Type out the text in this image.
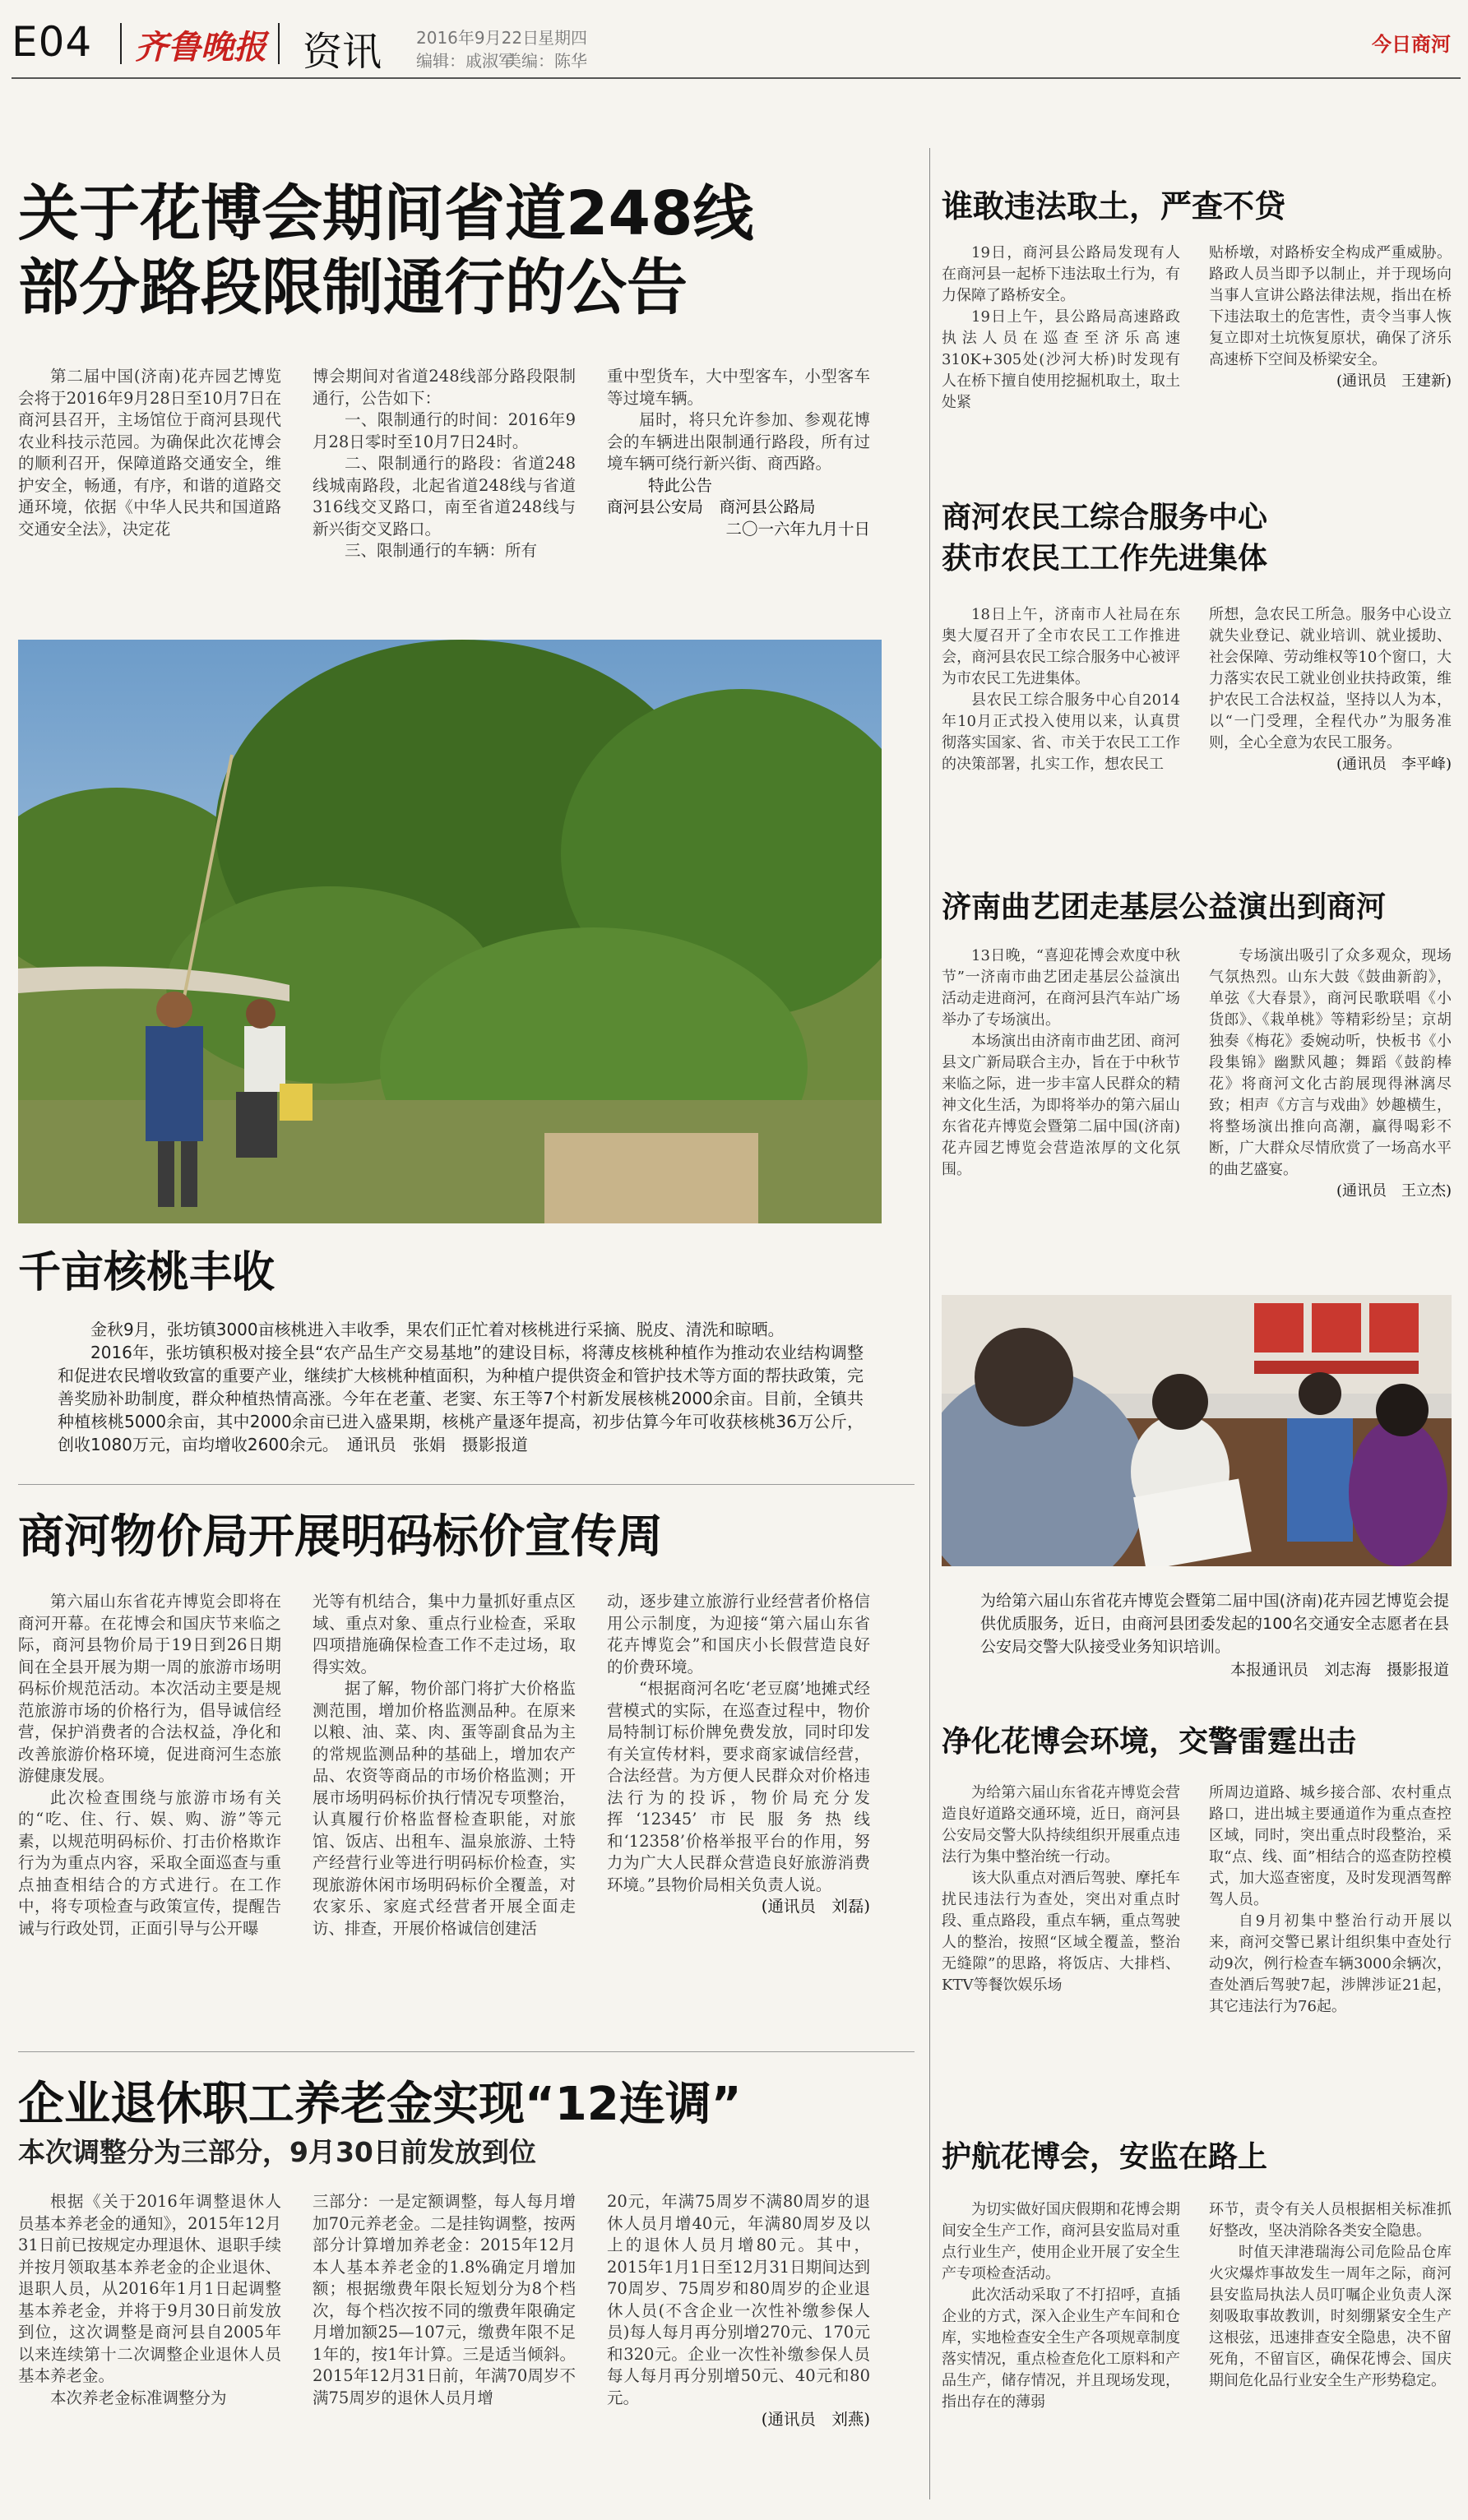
E04 齐鲁晚报 资讯 2016年9月22日
星期四
编辑：戚淑军
美编：陈华
今日商河
关于花博会期间省道248线
部分路段限制通行的公告
第二届中国(济南)花卉园艺博览会将于2016年9月28日至10月7日在商河县召开，主场馆位于商河县现代农业科技示范园。为确保此次花博会的顺利召开，保障道路交通安全，维护安全，畅通，有序，和谐的道路交通环境，依据《中华人民共和国道路交通安全法》，决定花

博会期间对省道248线部分路段限制通行，公告如下：

一、限制通行的时间：2016年9月28日零时至10月7日24时。

二、限制通行的路段：省道248线城南路段，北起省道248线与省道316线交叉路口，南至省道248线与新兴街交叉路口。

三、限制通行的车辆：所有

重中型货车，大中型客车，小型客车等过境车辆。

届时，将只允许参加、参观花博会的车辆进出限制通行路段，所有过境车辆可绕行新兴街、商西路。

特此公告

商河县公安局　商河县公路局

二〇一六年九月十日

千亩核桃丰收

金秋9月，张坊镇3000亩核桃进入丰收季，果农们正忙着对核桃进行采摘、脱皮、清洗和晾晒。

2016年，张坊镇积极对接全县“农产品生产交易基地”的建设目标，将薄皮核桃种植作为推动农业结构调整和促进农民增收致富的重要产业，继续扩大核桃种植面积，为种植户提供资金和管护技术等方面的帮扶政策，完善奖励补助制度，群众种植热情高涨。今年在老董、老窦、东王等7个村新发展核桃2000余亩。目前，全镇共种植核桃5000余亩，其中2000余亩已进入盛果期，核桃产量逐年提高，初步估算今年可收获核桃36万公斤，创收1080万元，亩均增收2600余元。　通讯员　张娟　摄影报道

商河物价局开展明码标价宣传周

第六届山东省花卉博览会即将在商河开幕。在花博会和国庆节来临之际，商河县物价局于19日到26日期间在全县开展为期一周的旅游市场明码标价规范活动。本次活动主要是规范旅游市场的价格行为，倡导诚信经营，保护消费者的合法权益，净化和改善旅游价格环境，促进商河生态旅游健康发展。

此次检查围绕与旅游市场有关的“吃、住、行、娱、购、游”等元素，以规范明码标价、打击价格欺诈行为为重点内容，采取全面巡查与重点抽查相结合的方式进行。在工作中，将专项检查与政策宣传，提醒告诫与行政处罚，正面引导与公开曝

光等有机结合，集中力量抓好重点区域、重点对象、重点行业检查，采取四项措施确保检查工作不走过场，取得实效。

据了解，物价部门将扩大价格监测范围，增加价格监测品种。在原来以粮、油、菜、肉、蛋等副食品为主的常规监测品种的基础上，增加农产品、农资等商品的市场价格监测；开展市场明码标价执行情况专项整治，认真履行价格监督检查职能，对旅馆、饭店、出租车、温泉旅游、土特产经营行业等进行明码标价检查，实现旅游休闲市场明码标价全覆盖，对农家乐、家庭式经营者开展全面走访、排查，开展价格诚信创建活

动，逐步建立旅游行业经营者价格信用公示制度，为迎接“第六届山东省花卉博览会”和国庆小长假营造良好的价费环境。

“根据商河名吃‘老豆腐’地摊式经营模式的实际，在巡查过程中，物价局特制订标价牌免费发放，同时印发有关宣传材料，要求商家诚信经营，合法经营。为方便人民群众对价格违法行为的投诉，物价局充分发挥‘12345’市民服务热线和‘12358’价格举报平台的作用，努力为广大人民群众营造良好旅游消费环境。”县物价局相关负责人说。

(通讯员　刘磊)

企业退休职工养老金实现“12连调”
本次调整分为三部分，9月30日前发放到位

根据《关于2016年调整退休人员基本养老金的通知》，2015年12月31日前已按规定办理退休、退职手续并按月领取基本养老金的企业退休、退职人员，从2016年1月1日起调整基本养老金，并将于9月30日前发放到位，这次调整是商河县自2005年以来连续第十二次调整企业退休人员基本养老金。

本次养老金标准调整分为

三部分：一是定额调整，每人每月增加70元养老金。二是挂钩调整，按两部分计算增加养老金：2015年12月本人基本养老金的1.8%确定月增加额；根据缴费年限长短划分为8个档次，每个档次按不同的缴费年限确定月增加额25—107元，缴费年限不足1年的，按1年计算。三是适当倾斜。2015年12月31日前，年满70周岁不满75周岁的退休人员月增

20元，年满75周岁不满80周岁的退休人员月增40元，年满80周岁及以上的退休人员月增80元。其中，2015年1月1日至12月31日期间达到70周岁、75周岁和80周岁的企业退休人员(不含企业一次性补缴参保人员)每人每月再分别增270元、170元和320元。企业一次性补缴参保人员每人每月再分别增50元、40元和80元。

(通讯员　刘燕)

谁敢违法取土，严查不贷

19日，商河县公路局发现有人在商河县一起桥下违法取土行为，有力保障了路桥安全。

19日上午，县公路局高速路政执法人员在巡查至济乐高速310K+305处(沙河大桥)时发现有人在桥下擅自使用挖掘机取土，取土处紧

贴桥墩，对路桥安全构成严重威胁。路政人员当即予以制止，并于现场向当事人宣讲公路法律法规，指出在桥下违法取土的危害性，责令当事人恢复立即对土坑恢复原状，确保了济乐高速桥下空间及桥梁安全。

(通讯员　王建新)

商河农民工综合服务中心
获市农民工工作先进集体

18日上午，济南市人社局在东奥大厦召开了全市农民工工作推进会，商河县农民工综合服务中心被评为市农民工先进集体。

县农民工综合服务中心自2014年10月正式投入使用以来，认真贯彻落实国家、省、市关于农民工工作的决策部署，扎实工作，想农民工

所想，急农民工所急。服务中心设立就失业登记、就业培训、就业援助、社会保障、劳动维权等10个窗口，大力落实农民工就业创业扶持政策，维护农民工合法权益，坚持以人为本，以“一门受理，全程代办”为服务准则，全心全意为农民工服务。

(通讯员　李平峰)

济南曲艺团走基层公益演出到商河

13日晚，“喜迎花博会欢度中秋节”一济南市曲艺团走基层公益演出活动走进商河，在商河县汽车站广场举办了专场演出。

本场演出由济南市曲艺团、商河县文广新局联合主办，旨在于中秋节来临之际，进一步丰富人民群众的精神文化生活，为即将举办的第六届山东省花卉博览会暨第二届中国(济南)花卉园艺博览会营造浓厚的文化氛围。

专场演出吸引了众多观众，现场气氛热烈。山东大鼓《鼓曲新韵》，单弦《大春景》，商河民歌联唱《小货郎》、《栽单桃》等精彩纷呈；京胡独奏《梅花》委婉动听，快板书《小段集锦》幽默风趣；舞蹈《鼓韵棒花》将商河文化古韵展现得淋漓尽致；相声《方言与戏曲》妙趣横生，将整场演出推向高潮，赢得喝彩不断，广大群众尽情欣赏了一场高水平的曲艺盛宴。

(通讯员　王立杰)

为给第六届山东省花卉博览会暨第二届中国(济南)花卉园艺博览会提供优质服务，近日，由商河县团委发起的100名交通安全志愿者在县公安局交警大队接受业务知识培训。

本报通讯员　刘志海　摄影报道

净化花博会环境，交警雷霆出击

为给第六届山东省花卉博览会营造良好道路交通环境，近日，商河县公安局交警大队持续组织开展重点违法行为集中整治统一行动。

该大队重点对酒后驾驶、摩托车扰民违法行为查处，突出对重点时段、重点路段，重点车辆，重点驾驶人的整治，按照“区域全覆盖，整治无缝隙”的思路，将饭店、大排档、KTV等餐饮娱乐场

所周边道路、城乡接合部、农村重点路口，进出城主要通道作为重点查控区域，同时，突出重点时段整治，采取“点、线、面”相结合的巡查防控模式，加大巡查密度，及时发现酒驾醉驾人员。

自9月初集中整治行动开展以来，商河交警已累计组织集中查处行动9次，例行检查车辆3000余辆次，查处酒后驾驶7起，涉牌涉证21起，其它违法行为76起。

护航花博会，安监在路上

为切实做好国庆假期和花博会期间安全生产工作，商河县安监局对重点行业生产，使用企业开展了安全生产专项检查活动。

此次活动采取了不打招呼，直插企业的方式，深入企业生产车间和仓库，实地检查安全生产各项规章制度落实情况，重点检查危化工原料和产品生产，储存情况，并且现场发现，指出存在的薄弱

环节，责令有关人员根据相关标准抓好整改，坚决消除各类安全隐患。

时值天津港瑞海公司危险品仓库火灾爆炸事故发生一周年之际，商河县安监局执法人员叮嘱企业负责人深刻吸取事故教训，时刻绷紧安全生产这根弦，迅速排查安全隐患，决不留死角，不留盲区，确保花博会、国庆期间危化品行业安全生产形势稳定。
